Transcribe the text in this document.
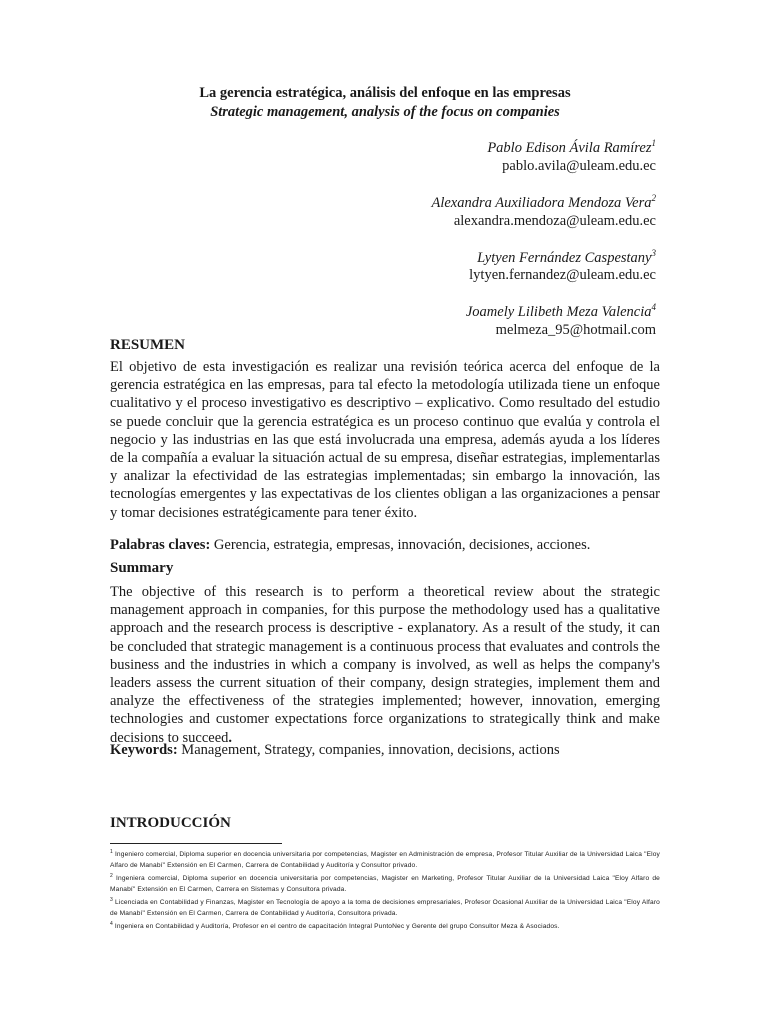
La gerencia estratégica, análisis del enfoque en las empresas
Strategic management, analysis of the focus on companies
Pablo Edison Ávila Ramírez$^1$
pablo.avila@uleam.edu.ec
Alexandra Auxiliadora Mendoza Vera$^2$
alexandra.mendoza@uleam.edu.ec
Lytyen Fernández Caspestany$^3$
lytyen.fernandez@uleam.edu.ec
Joamely Lilibeth Meza Valencia$^4$
melmeza_95@hotmail.com
RESUMEN

El objetivo de esta investigación es realizar una revisión teórica acerca del enfoque de la gerencia estratégica en las empresas, para tal efecto la metodología utilizada tiene un enfoque cualitativo y el proceso investigativo es descriptivo – explicativo. Como resultado del estudio se puede concluir que la gerencia estratégica es un proceso continuo que evalúa y controla el negocio y las industrias en las que está involucrada una empresa, además ayuda a los líderes de la compañía a evaluar la situación actual de su empresa, diseñar estrategias, implementarlas y analizar la efectividad de las estrategias implementadas; sin embargo la innovación, las tecnologías emergentes y las expectativas de los clientes obligan a las organizaciones a pensar y tomar decisiones estratégicamente para tener éxito.

Palabras claves: Gerencia, estrategia, empresas, innovación, decisiones, acciones.
Summary

The objective of this research is to perform a theoretical review about the strategic management approach in companies, for this purpose the methodology used has a qualitative approach and the research process is descriptive - explanatory. As a result of the study, it can be concluded that strategic management is a continuous process that evaluates and controls the business and the industries in which a company is involved, as well as helps the company's leaders assess the current situation of their company, design strategies, implement them and analyze the effectiveness of the strategies implemented; however, innovation, emerging technologies and customer expectations force organizations to strategically think and make decisions to succeed.

Keywords: Management, Strategy, companies, innovation, decisions, actions
INTRODUCCIÓN
$^1$ Ingeniero comercial, Diploma superior en docencia universitaria por competencias, Magister en Administración de empresa, Profesor Titular Auxiliar de la Universidad Laica "Eloy Alfaro de Manabí" Extensión en El Carmen, Carrera de Contabilidad y Auditoría y Consultor privado.
$^2$ Ingeniera comercial, Diploma superior en docencia universitaria por competencias, Magister en Marketing, Profesor Titular Auxiliar de la Universidad Laica "Eloy Alfaro de Manabí" Extensión en El Carmen, Carrera en Sistemas y Consultora privada.
$^3$ Licenciada en Contabilidad y Finanzas, Magister en Tecnología de apoyo a la toma de decisiones empresariales, Profesor Ocasional Auxiliar de la Universidad Laica "Eloy Alfaro de Manabí" Extensión en El Carmen, Carrera de Contabilidad y Auditoría, Consultora privada.
$^4$ Ingeniera en Contabilidad y Auditoría, Profesor en el centro de capacitación Integral PuntoNec y Gerente del grupo Consultor Meza & Asociados.
